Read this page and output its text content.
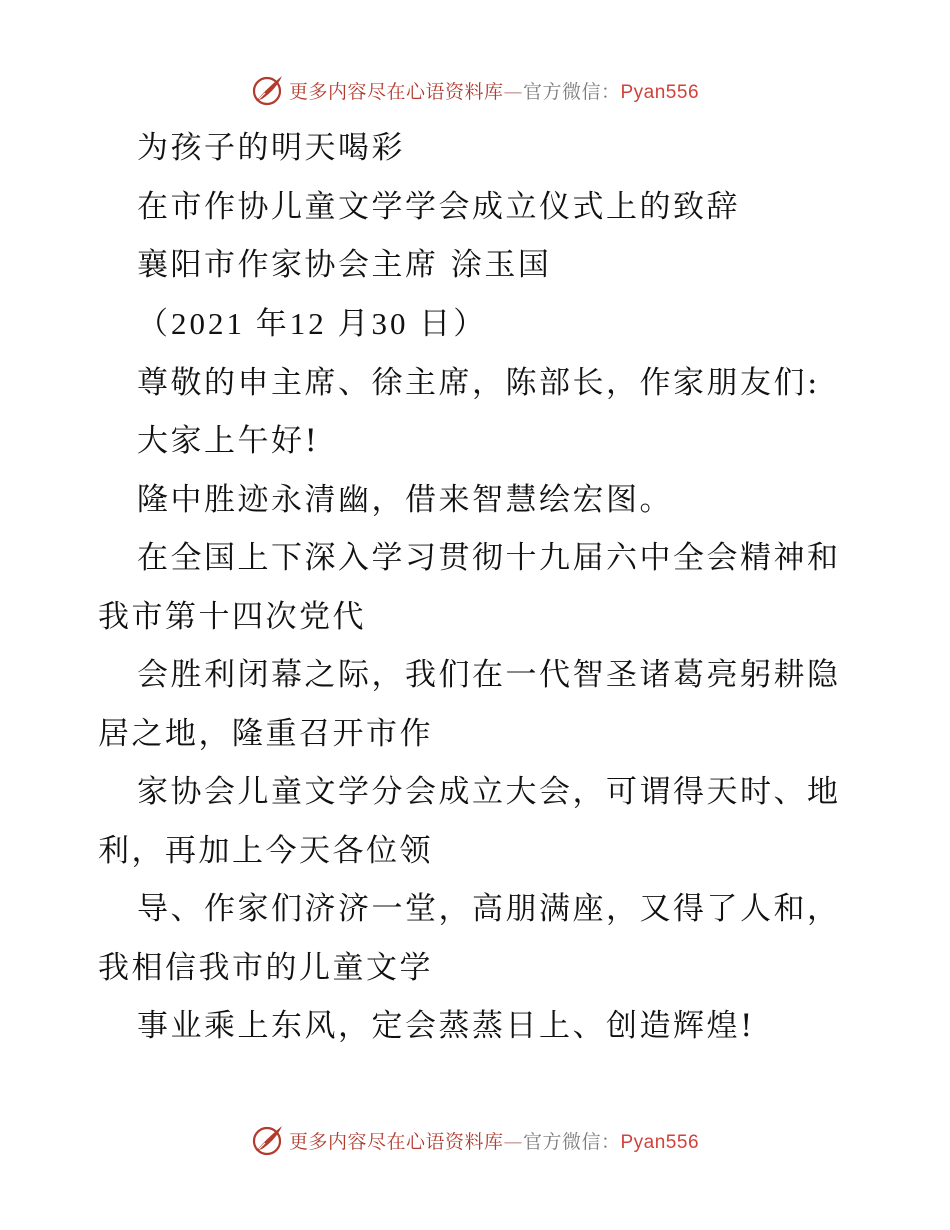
更多内容尽在心语资料库—官方微信：Pyan556
为孩子的明天喝彩
在市作协儿童文学学会成立仪式上的致辞
襄阳市作家协会主席 涂玉国
（2021 年12 月30 日）
尊敬的申主席、徐主席，陈部长，作家朋友们:
大家上午好!
隆中胜迹永清幽，借来智慧绘宏图。
在全国上下深入学习贯彻十九届六中全会精神和
我市第十四次党代
会胜利闭幕之际，我们在一代智圣诸葛亮躬耕隐
居之地，隆重召开市作
家协会儿童文学分会成立大会，可谓得天时、地
利，再加上今天各位领
导、作家们济济一堂，高朋满座，又得了人和，
我相信我市的儿童文学
事业乘上东风，定会蒸蒸日上、创造辉煌!
更多内容尽在心语资料库—官方微信：Pyan556
